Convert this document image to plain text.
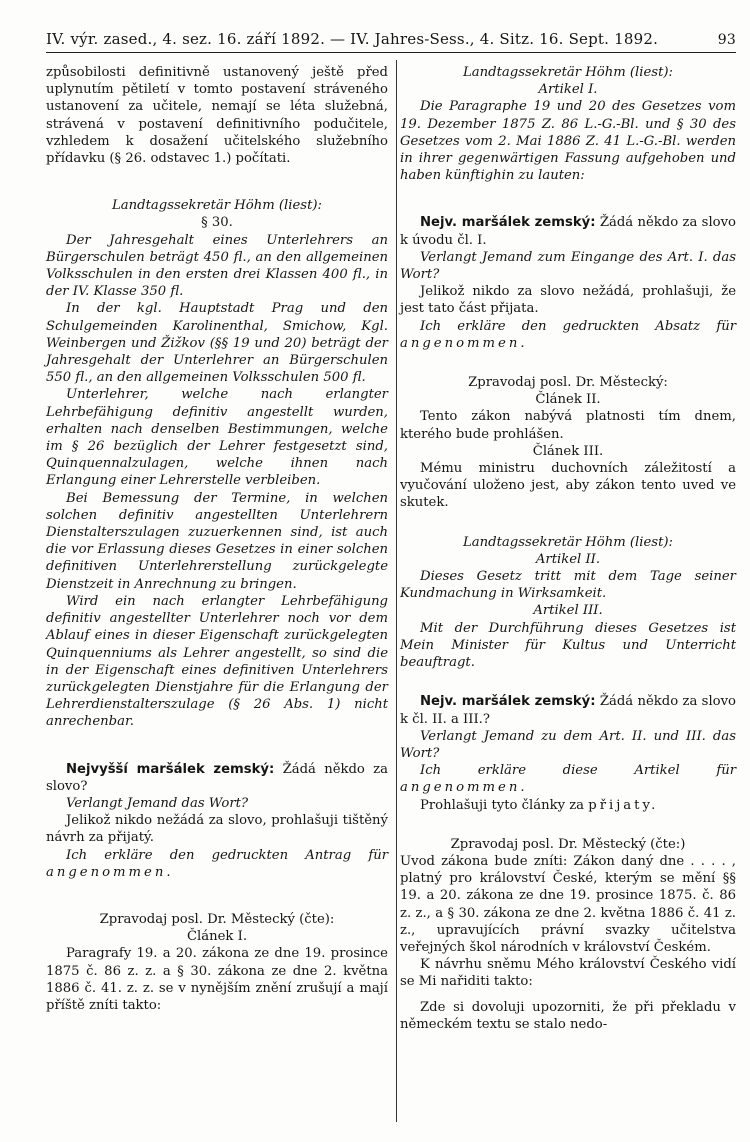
IV. výr. zased., 4. sez. 16. září 1892. — IV. Jahres-Sess., 4. Sitz. 16. Sept. 1892.	93

způsobilosti definitivně ustanovený ještě před uplynutím pětiletí v tomto postavení stráveného ustanovení za učitele, nemají se léta služebná, strávená v postavení definitivního podučitele, vzhledem k dosažení učitelského služebního přídavku (§ 26. odstavec 1.) počítati.

Landtagssekretär Höhm (liest):

§ 30.

Der Jahresgehalt eines Unterlehrers an Bürgerschulen beträgt 450 fl., an den allgemeinen Volksschulen in den ersten drei Klassen 400 fl., in der IV. Klasse 350 fl.

In der kgl. Hauptstadt Prag und den Schulgemeinden Karolinenthal, Smichow, Kgl. Weinbergen und Žižkov (§§ 19 und 20) beträgt der Jahresgehalt der Unterlehrer an Bürgerschulen 550 fl., an den allgemeinen Volksschulen 500 fl.

Unterlehrer, welche nach erlangter Lehrbefähigung definitiv angestellt wurden, erhalten nach denselben Bestimmungen, welche im § 26 bezüglich der Lehrer festgesetzt sind, Quinquennalzulagen, welche ihnen nach Erlangung einer Lehrerstelle verbleiben.

Bei Bemessung der Termine, in welchen solchen definitiv angestellten Unterlehrern Dienstalterszulagen zuzuerkennen sind, ist auch die vor Erlassung dieses Gesetzes in einer solchen definitiven Unterlehrerstellung zurückgelegte Dienstzeit in Anrechnung zu bringen.

Wird ein nach erlangter Lehrbefähigung definitiv angestellter Unterlehrer noch vor dem Ablauf eines in dieser Eigenschaft zurückgelegten Quinquenniums als Lehrer angestellt, so sind die in der Eigenschaft eines definitiven Unterlehrers zurückgelegten Dienstjahre für die Erlangung der Lehrerdienstalterszulage (§ 26 Abs. 1) nicht anrechenbar.

Nejvyšší maršálek zemský: Žádá někdo za slovo?

Verlangt Jemand das Wort?

Jelikož nikdo nežádá za slovo, prohlašuji tištěný návrh za přijatý.

Ich erkläre den gedruckten Antrag für angenommen.

Zpravodaj posl. Dr. Městecký (čte):

Článek I.

Paragrafy 19. a 20. zákona ze dne 19. prosince 1875 č. 86 z. z. a § 30. zákona ze dne 2. května 1886 č. 41. z. z. se v nynějším znění zrušují a mají příště zníti takto:

Landtagssekretär Höhm (liest):

Artikel I.

Die Paragraphe 19 und 20 des Gesetzes vom 19. Dezember 1875 Z. 86 L.-G.-Bl. und § 30 des Gesetzes vom 2. Mai 1886 Z. 41 L.-G.-Bl. werden in ihrer gegenwärtigen Fassung aufgehoben und haben künftighin zu lauten:

Nejv. maršálek zemský: Žádá někdo za slovo k úvodu čl. I.

Verlangt Jemand zum Eingange des Art. I. das Wort?

Jelikož nikdo za slovo nežádá, prohlašuji, že jest tato část přijata.

Ich erkläre den gedruckten Absatz für angenommen.

Zpravodaj posl. Dr. Městecký:

Článek II.

Tento zákon nabývá platnosti tím dnem, kterého bude prohlášen.

Článek III.

Mému ministru duchovních záležitostí a vyučování uloženo jest, aby zákon tento uved ve skutek.

Landtagssekretär Höhm (liest):

Artikel II.

Dieses Gesetz tritt mit dem Tage seiner Kundmachung in Wirksamkeit.

Artikel III.

Mit der Durchführung dieses Gesetzes ist Mein Minister für Kultus und Unterricht beauftragt.

Nejv. maršálek zemský: Žádá někdo za slovo k čl. II. a III.?

Verlangt Jemand zu dem Art. II. und III. das Wort?

Ich erkläre diese Artikel für angenommen.

Prohlašuji tyto články za přijaty.

Zpravodaj posl. Dr. Městecký (čte:)

Uvod zákona bude zníti: Zákon daný dne . . . . , platný pro království České, kterým se mění §§ 19. a 20. zákona ze dne 19. prosince 1875. č. 86 z. z., a § 30. zákona ze dne 2. května 1886 č. 41 z. z., upravujících právní svazky učitelstva veřejných škol národních v království Českém.

K návrhu sněmu Mého království Českého vidí se Mi nařiditi takto:

Zde si dovoluji upozorniti, že při překladu v německém textu se stalo nedo-
